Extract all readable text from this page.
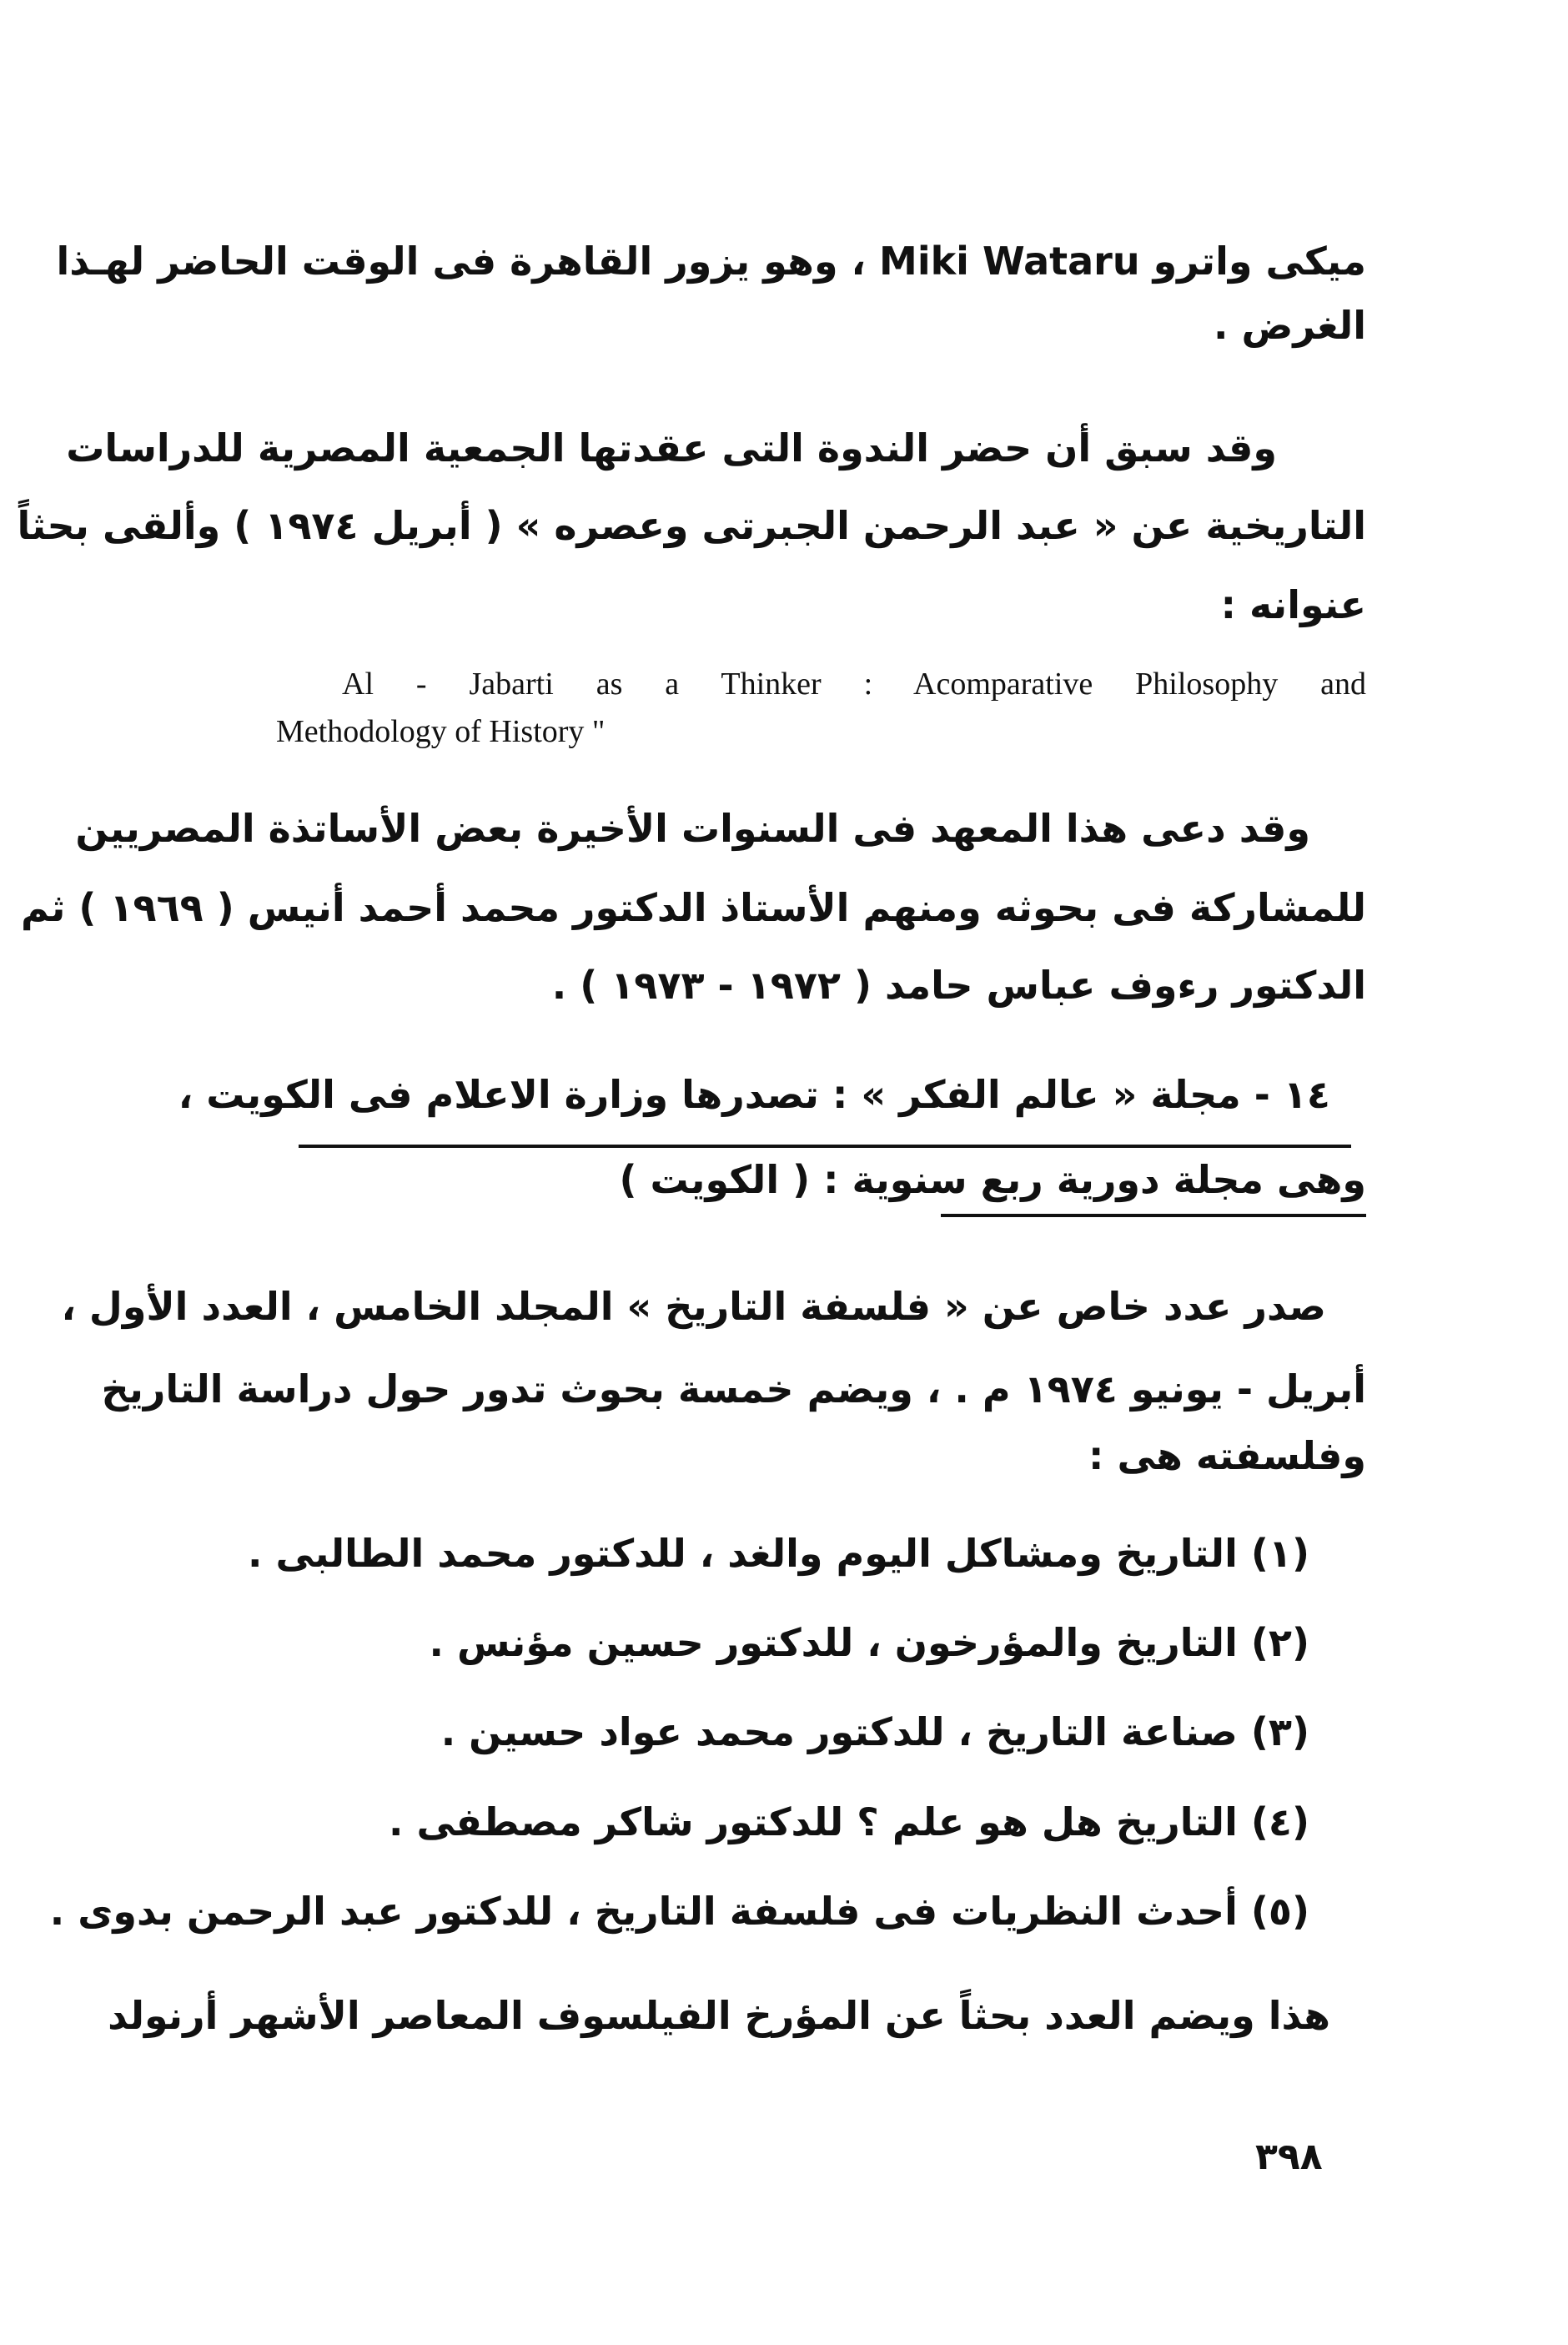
ميكى واترو Miki Wataru ، وهو يزور القاهرة فى الوقت الحاضر لهـذا
الغرض .
وقد سبق أن حضر الندوة التى عقدتها الجمعية المصرية للدراسات
التاريخية عن « عبد الرحمن الجبرتى وعصره » ( أبريل ١٩٧٤ ) وألقى بحثاً
عنوانه :
Al - Jabarti as a Thinker : Acomparative Philosophy and
Methodology of History "
وقد دعى هذا المعهد فى السنوات الأخيرة بعض الأساتذة المصريين
للمشاركة فى بحوثه ومنهم الأستاذ الدكتور محمد أحمد أنيس ( ١٩٦٩ ) ثم
الدكتور رءوف عباس حامد ( ١٩٧٢ - ١٩٧٣ ) .
١٤ - مجلة « عالم الفكر » : تصدرها وزارة الاعلام فى الكويت ،
وهى مجلة دورية ربع سنوية : ( الكويت )
صدر عدد خاص عن « فلسفة التاريخ » المجلد الخامس ، العدد الأول ،
أبريل - يونيو ١٩٧٤ م . ، ويضم خمسة بحوث تدور حول دراسة التاريخ
وفلسفته هى :
(١) التاريخ ومشاكل اليوم والغد ، للدكتور محمد الطالبى .
(٢) التاريخ والمؤرخون ، للدكتور حسين مؤنس .
(٣) صناعة التاريخ ، للدكتور محمد عواد حسين .
(٤) التاريخ هل هو علم ؟ للدكتور شاكر مصطفى .
(٥) أحدث النظريات فى فلسفة التاريخ ، للدكتور عبد الرحمن بدوى .
هذا ويضم العدد بحثاً عن المؤرخ الفيلسوف المعاصر الأشهر أرنولد
٣٩٨
